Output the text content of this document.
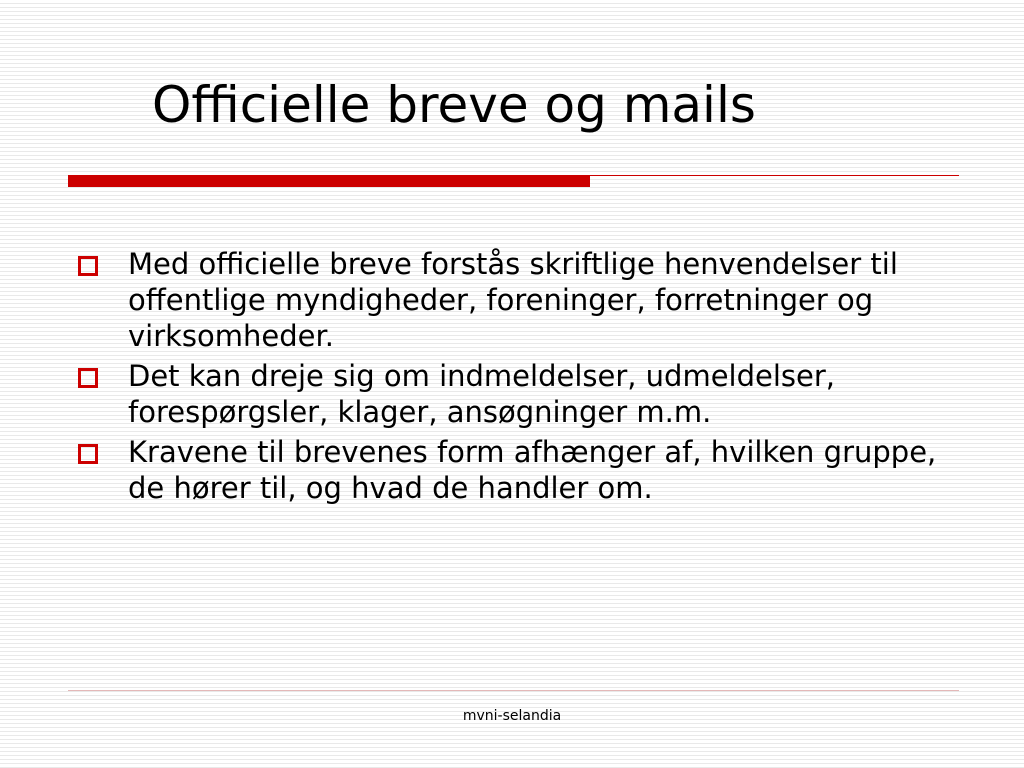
Officielle breve og mails
Med officielle breve forstås skriftlige henvendelser til offentlige myndigheder, foreninger, forretninger og virksomheder.
Det kan dreje sig om indmeldelser, udmeldelser, forespørgsler, klager, ansøgninger m.m.
Kravene til brevenes form afhænger af, hvilken gruppe, de hører til, og hvad de handler om.
mvni-selandia
